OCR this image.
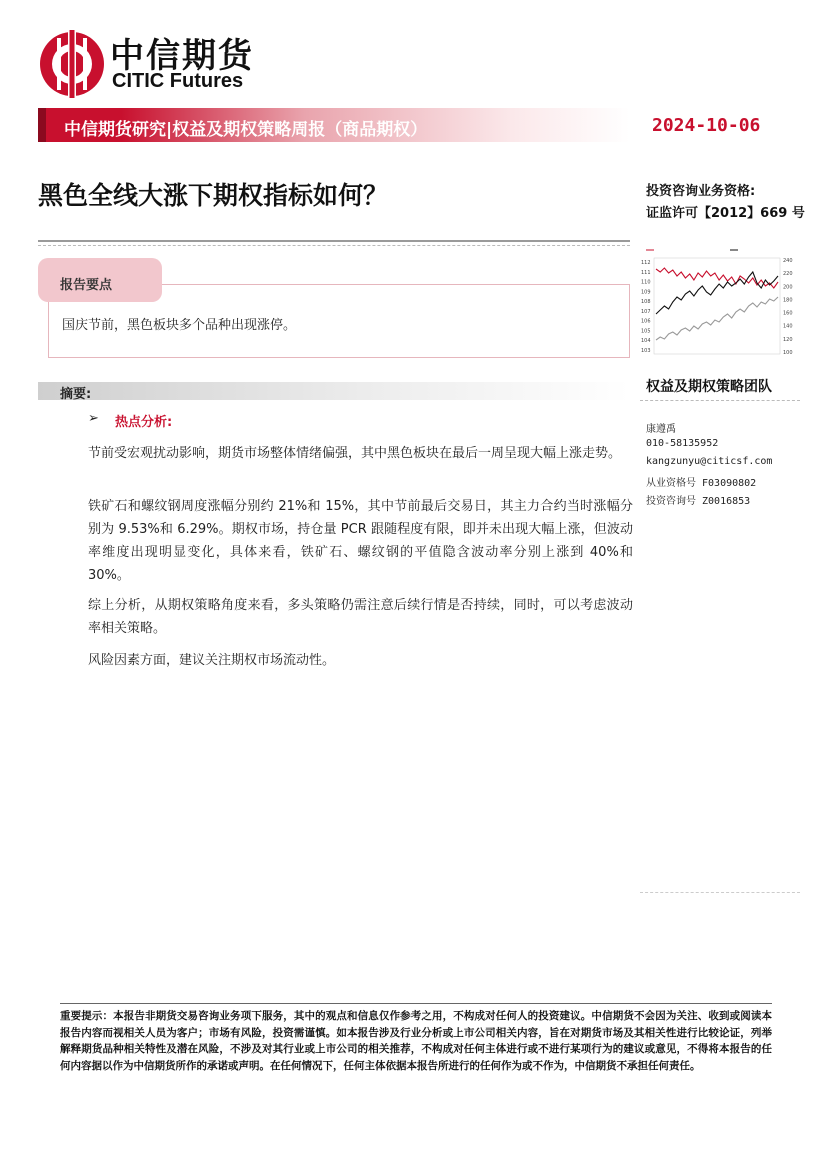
中信期货
CITIC Futures
中信期货研究|权益及期权策略周报（商品期权）	2024-10-06
黑色全线大涨下期权指标如何？	投资咨询业务资格:
证监许可【2012】669 号
报告要点
国庆节前，黑色板块多个品种出现涨停。
摘要:
➢ 热点分析:
节前受宏观扰动影响，期货市场整体情绪偏强，其中黑色板块在最后一周呈现大幅上涨走势。
铁矿石和螺纹钢周度涨幅分别约 21%和 15%，其中节前最后交易日，其主力合约当时涨幅分别为 9.53%和 6.29%。期权市场，持仓量 PCR 跟随程度有限，即并未出现大幅上涨，但波动率维度出现明显变化，具体来看，铁矿石、螺纹钢的平值隐含波动率分别上涨到 40%和 30%。
综上分析，从期权策略角度来看，多头策略仍需注意后续行情是否持续，同时，可以考虑波动率相关策略。
风险因素方面，建议关注期权市场流动性。
112
111
110
109
108
107
106
105
104
103
240
220
200
180
160
140
120
100
权益及期权策略团队
康遵禹
010-58135952
kangzunyu@citicsf.com
从业资格号 F03090802
投资咨询号 Z0016853
重要提示：本报告非期货交易咨询业务项下服务，其中的观点和信息仅作参考之用，不构成对任何人的投资建议。中信期货不会因为关注、收到或阅读本报告内容而视相关人员为客户；市场有风险，投资需谨慎。如本报告涉及行业分析或上市公司相关内容，旨在对期货市场及其相关性进行比较论证，列举解释期货品种相关特性及潜在风险，不涉及对其行业或上市公司的相关推荐，不构成对任何主体进行或不进行某项行为的建议或意见，不得将本报告的任何内容据以作为中信期货所作的承诺或声明。在任何情况下，任何主体依据本报告所进行的任何作为或不作为，中信期货不承担任何责任。
